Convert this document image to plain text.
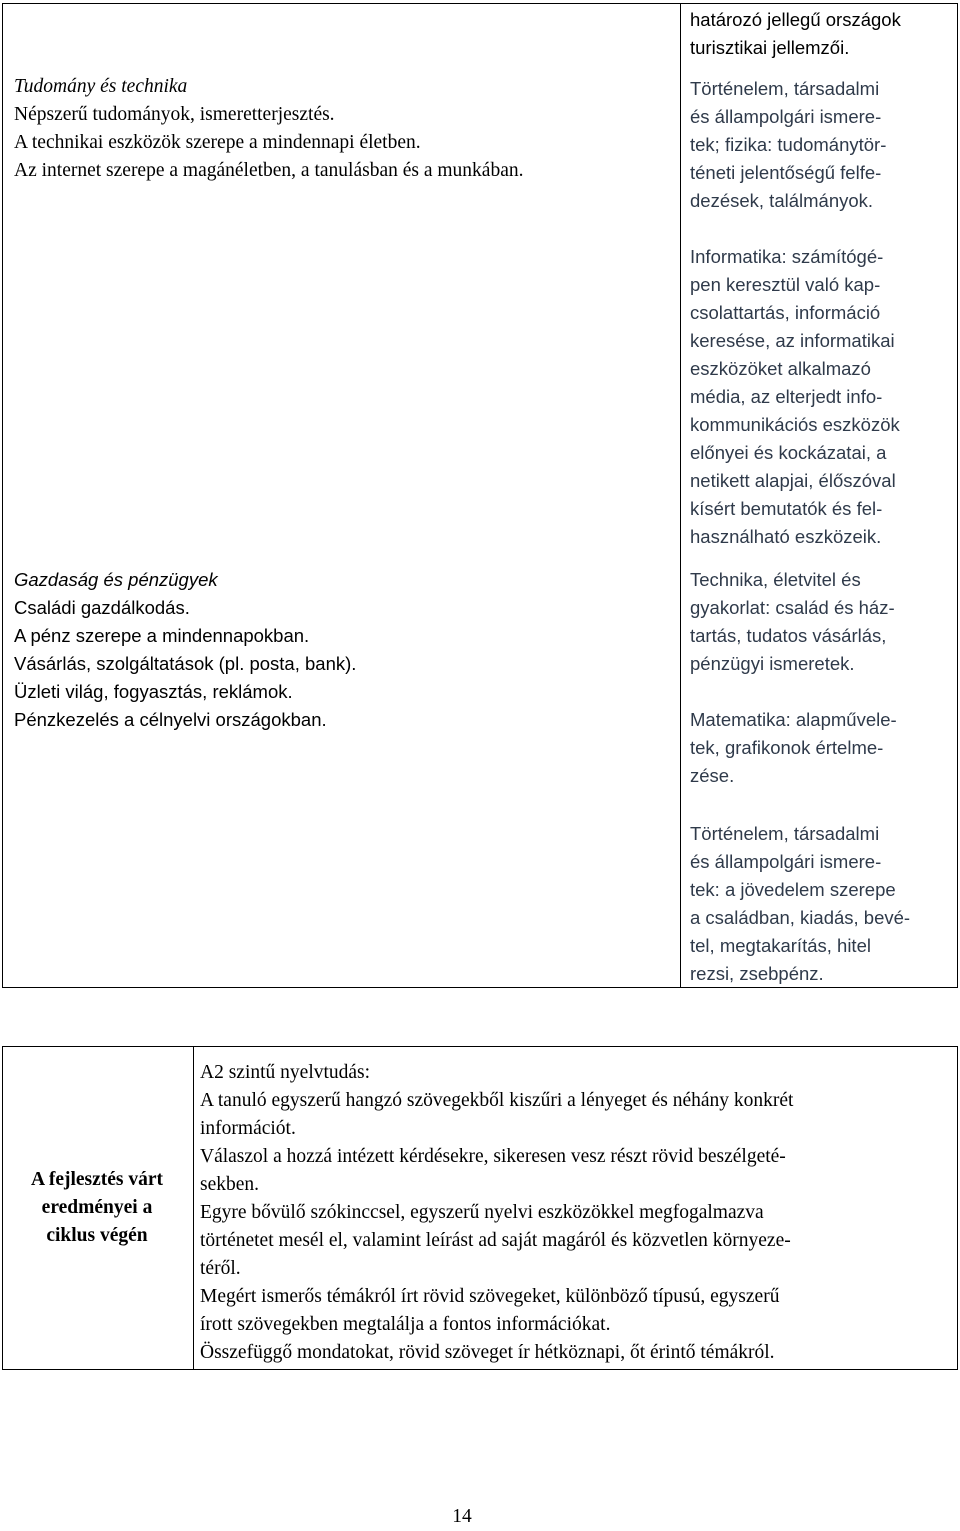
Tudomány és technika
Népszerű tudományok, ismeretterjesztés.
A technikai eszközök szerepe a mindennapi életben.
Az internet szerepe a magánéletben, a tanulásban és a munkában.
Gazdaság és pénzügyek
Családi gazdálkodás.
A pénz szerepe a mindennapokban.
Vásárlás, szolgáltatások (pl. posta, bank).
Üzleti világ, fogyasztás, reklámok.
Pénzkezelés a célnyelvi országokban.
határozó jellegű országok
turisztikai jellemzői.
Történelem, társadalmi
és állampolgári ismere-
tek; fizika: tudománytör-
téneti jelentőségű felfe-
dezések, találmányok.
Informatika: számítógé-
pen keresztül való kap-
csolattartás, információ
keresése, az informatikai
eszközöket alkalmazó
média, az elterjedt info-
kommunikációs eszközök
előnyei és kockázatai, a
netikett alapjai, élőszóval
kísért bemutatók és fel-
használható eszközeik.
Technika, életvitel és
gyakorlat: család és ház-
tartás, tudatos vásárlás,
pénzügyi ismeretek.
Matematika: alapművele-
tek, grafikonok értelme-
zése.
Történelem, társadalmi
és állampolgári ismere-
tek: a jövedelem szerepe
a családban, kiadás, bevé-
tel, megtakarítás, hitel
rezsi, zsebpénz.
A fejlesztés várt
eredményei a
ciklus végén
A2 szintű nyelvtudás:
A tanuló egyszerű hangzó szövegekből kiszűri a lényeget és néhány konkrét
információt.
Válaszol a hozzá intézett kérdésekre, sikeresen vesz részt rövid beszélgeté-
sekben.
Egyre bővülő szókinccsel, egyszerű nyelvi eszközökkel megfogalmazva
történetet mesél el, valamint leírást ad saját magáról és közvetlen környeze-
téről.
Megért ismerős témákról írt rövid szövegeket, különböző típusú, egyszerű
írott szövegekben megtalálja a fontos információkat.
Összefüggő mondatokat, rövid szöveget ír hétköznapi, őt érintő témákról.
14
